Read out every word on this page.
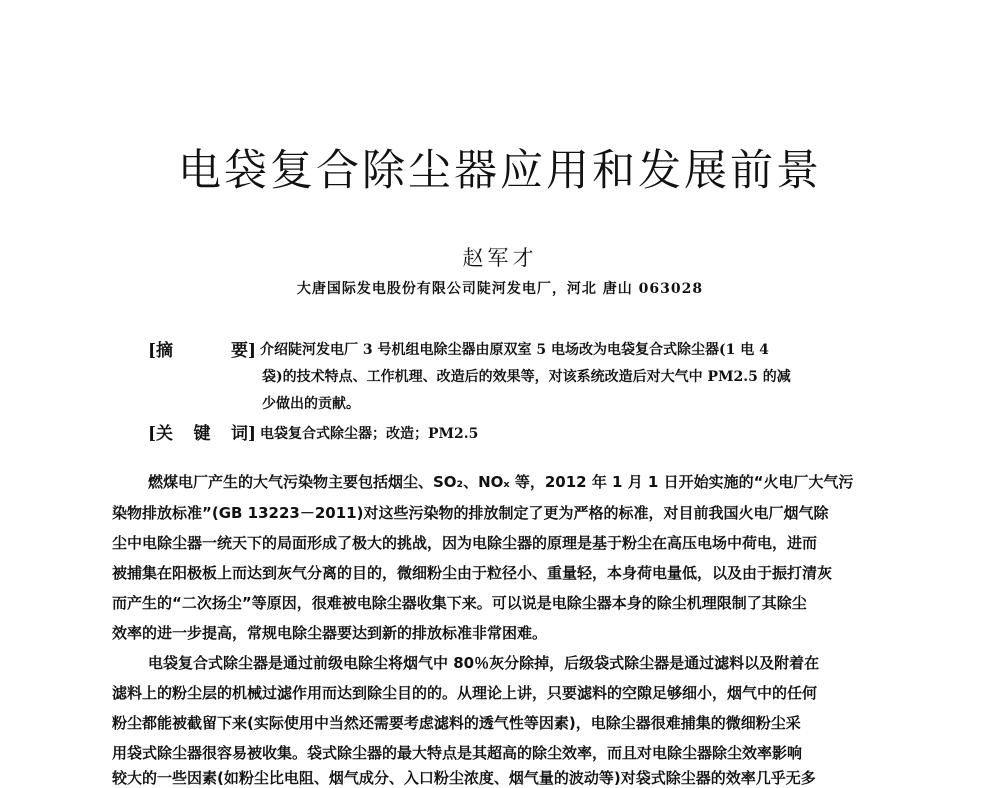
电袋复合除尘器应用和发展前景
赵军才
大唐国际发电股份有限公司陡河发电厂，河北 唐山 063028
[摘	要] 介绍陡河发电厂 3 号机组电除尘器由原双室 5 电场改为电袋复合式除尘器(1 电 4
袋)的技术特点、工作机理、改造后的效果等，对该系统改造后对大气中 PM2.5 的减
少做出的贡献。
[关 键 词] 电袋复合式除尘器；改造；PM2.5
燃煤电厂产生的大气污染物主要包括烟尘、SO₂、NOₓ 等，2012 年 1 月 1 日开始实施的“火电厂大气污
染物排放标准”(GB 13223－2011)对这些污染物的排放制定了更为严格的标准，对目前我国火电厂烟气除
尘中电除尘器一统天下的局面形成了极大的挑战，因为电除尘器的原理是基于粉尘在高压电场中荷电，进而
被捕集在阳极板上而达到灰气分离的目的，微细粉尘由于粒径小、重量轻，本身荷电量低，以及由于振打清灰
而产生的“二次扬尘”等原因，很难被电除尘器收集下来。可以说是电除尘器本身的除尘机理限制了其除尘
效率的进一步提高，常规电除尘器要达到新的排放标准非常困难。
电袋复合式除尘器是通过前级电除尘将烟气中 80％灰分除掉，后级袋式除尘器是通过滤料以及附着在
滤料上的粉尘层的机械过滤作用而达到除尘目的的。从理论上讲，只要滤料的空隙足够细小，烟气中的任何
粉尘都能被截留下来(实际使用中当然还需要考虑滤料的透气性等因素)，电除尘器很难捕集的微细粉尘采
用袋式除尘器很容易被收集。袋式除尘器的最大特点是其超高的除尘效率，而且对电除尘器除尘效率影响
较大的一些因素(如粉尘比电阻、烟气成分、入口粉尘浓度、烟气量的波动等)对袋式除尘器的效率几乎无多
